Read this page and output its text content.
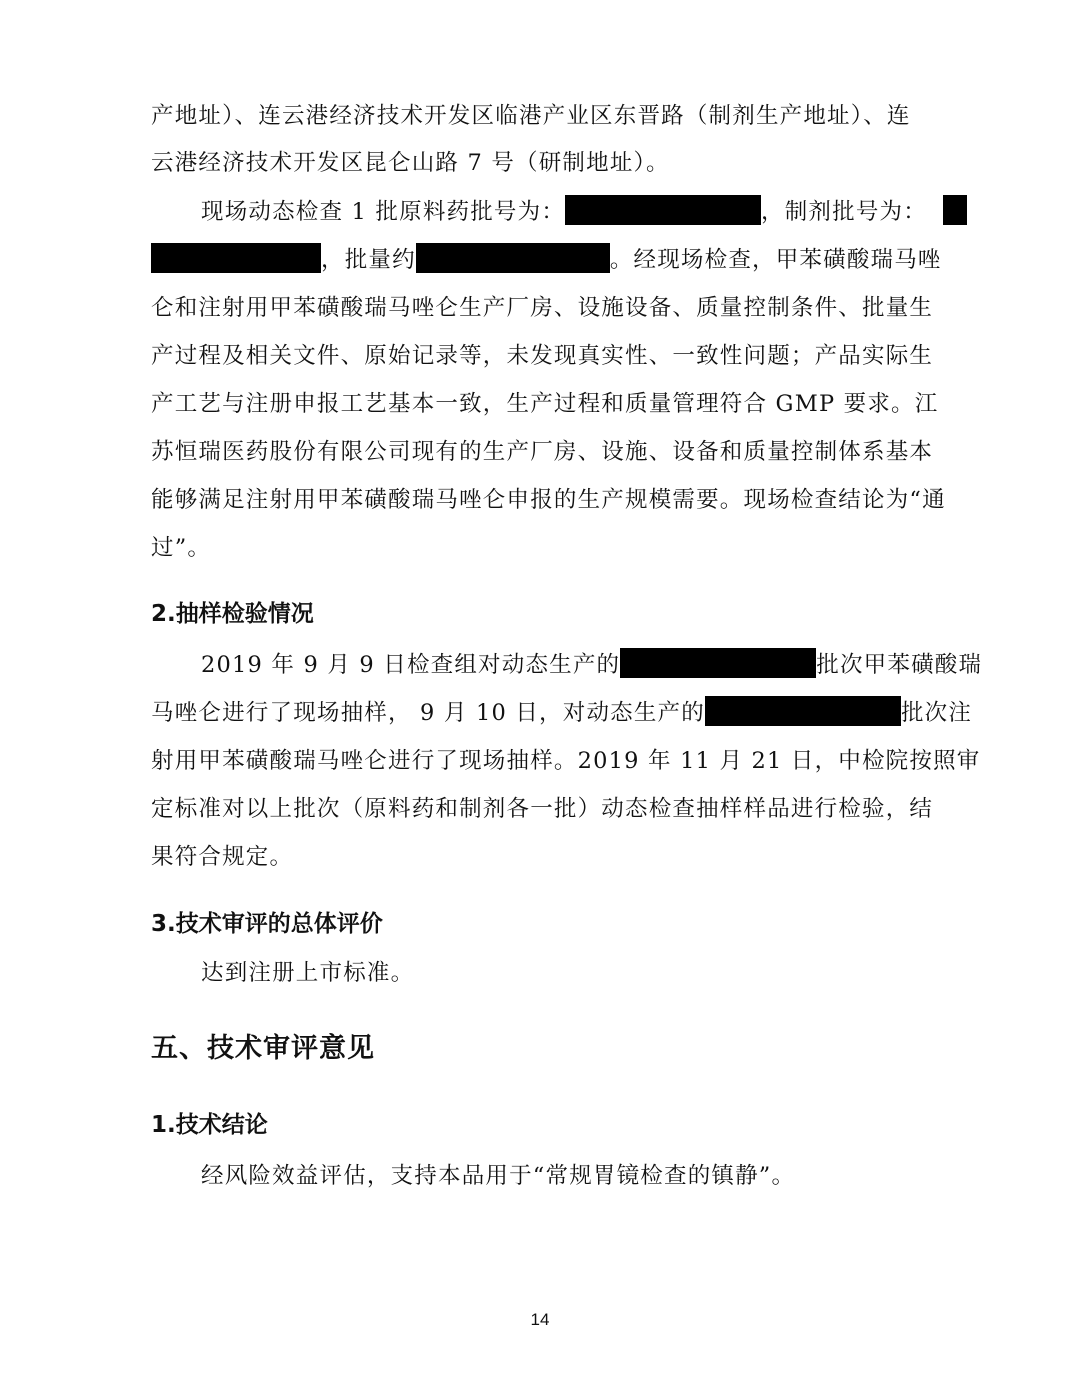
产地址）、连云港经济技术开发区临港产业区东晋路（制剂生产地址）、连
云港经济技术开发区昆仑山路 7 号（研制地址）。
现场动态检查 1 批原料药批号为：	，制剂批号为：
，批量约	。经现场检查，甲苯磺酸瑞马唑
仑和注射用甲苯磺酸瑞马唑仑生产厂房、设施设备、质量控制条件、批量生
产过程及相关文件、原始记录等，未发现真实性、一致性问题；产品实际生
产工艺与注册申报工艺基本一致，生产过程和质量管理符合 GMP 要求。江
苏恒瑞医药股份有限公司现有的生产厂房、设施、设备和质量控制体系基本
能够满足注射用甲苯磺酸瑞马唑仑申报的生产规模需要。现场检查结论为“通
过”。
2.抽样检验情况
2019 年 9 月 9 日检查组对动态生产的	批次甲苯磺酸瑞
马唑仑进行了现场抽样， 9 月 10 日，对动态生产的	批次注
射用甲苯磺酸瑞马唑仑进行了现场抽样。2019 年 11 月 21 日，中检院按照审
定标准对以上批次（原料药和制剂各一批）动态检查抽样样品进行检验，结
果符合规定。
3.技术审评的总体评价
达到注册上市标准。
五、技术审评意见
1.技术结论
经风险效益评估，支持本品用于“常规胃镜检查的镇静”。
14
